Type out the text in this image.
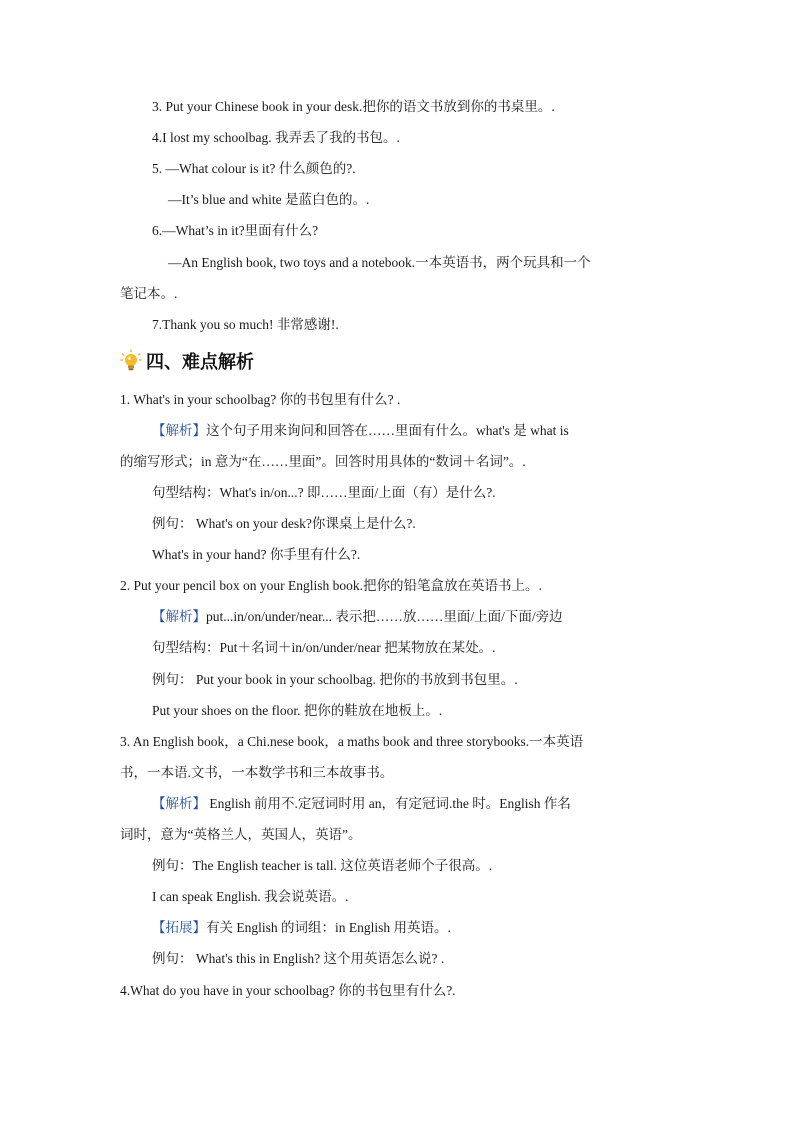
3. Put your Chinese book in your desk.把你的语文书放到你的书桌里。.
4.I lost my schoolbag. 我弄丢了我的书包。.
5. —What colour is it? 什么颜色的?.
—It’s blue and white 是蓝白色的。.
6.—What’s in it?里面有什么?
—An English book, two toys and a notebook.一本英语书，两个玩具和一个
笔记本。.
7.Thank you so much! 非常感谢!.
四、难点解析
1. What's in your schoolbag? 你的书包里有什么? .
【解析】这个句子用来询问和回答在……里面有什么。what's 是 what is
的缩写形式；in 意为“在……里面”。回答时用具体的“数词＋名词”。.
句型结构：What's in/on...? 即……里面/上面（有）是什么?.
例句： What's on your desk?你课桌上是什么?.
What's in your hand? 你手里有什么?.
2. Put your pencil box on your English book.把你的铅笔盒放在英语书上。.
【解析】put...in/on/under/near... 表示把……放……里面/上面/下面/旁边
句型结构：Put＋名词＋in/on/under/near 把某物放在某处。.
例句： Put your book in your schoolbag. 把你的书放到书包里。.
Put your shoes on the floor. 把你的鞋放在地板上。.
3. An English book，a Chi.nese book，a maths book and three storybooks.一本英语
书，一本语.文书，一本数学书和三本故事书。
【解析】 English 前用不.定冠词时用 an，有定冠词.the 时。English 作名
词时，意为“英格兰人，英国人，英语”。
例句：The English teacher is tall. 这位英语老师个子很高。.
I can speak English. 我会说英语。.
【拓展】有关 English 的词组：in English 用英语。.
例句： What's this in English? 这个用英语怎么说? .
4.What do you have in your schoolbag? 你的书包里有什么?.
